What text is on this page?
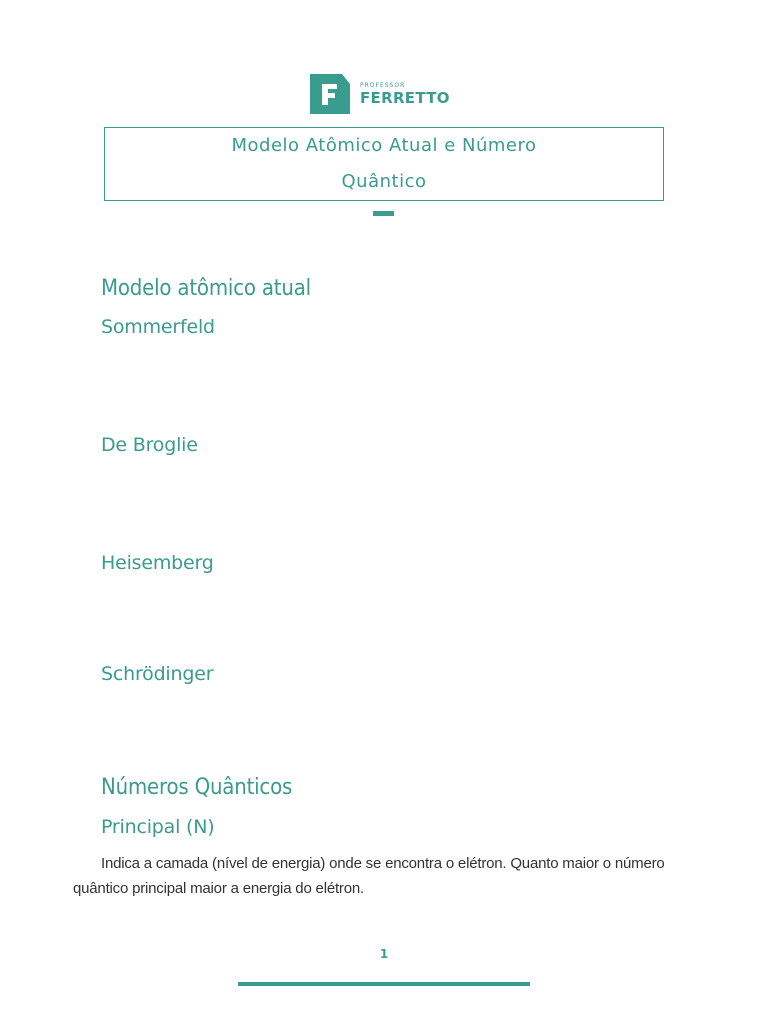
PROFESSOR
FERRETTO
Modelo Atômico Atual e Número
Quântico
Modelo atômico atual
Sommerfeld
De Broglie
Heisemberg
Schrödinger
Números Quânticos
Principal (N)
Indica a camada (nível de energia) onde se encontra o elétron. Quanto maior o número quântico principal maior a energia do elétron.
1
